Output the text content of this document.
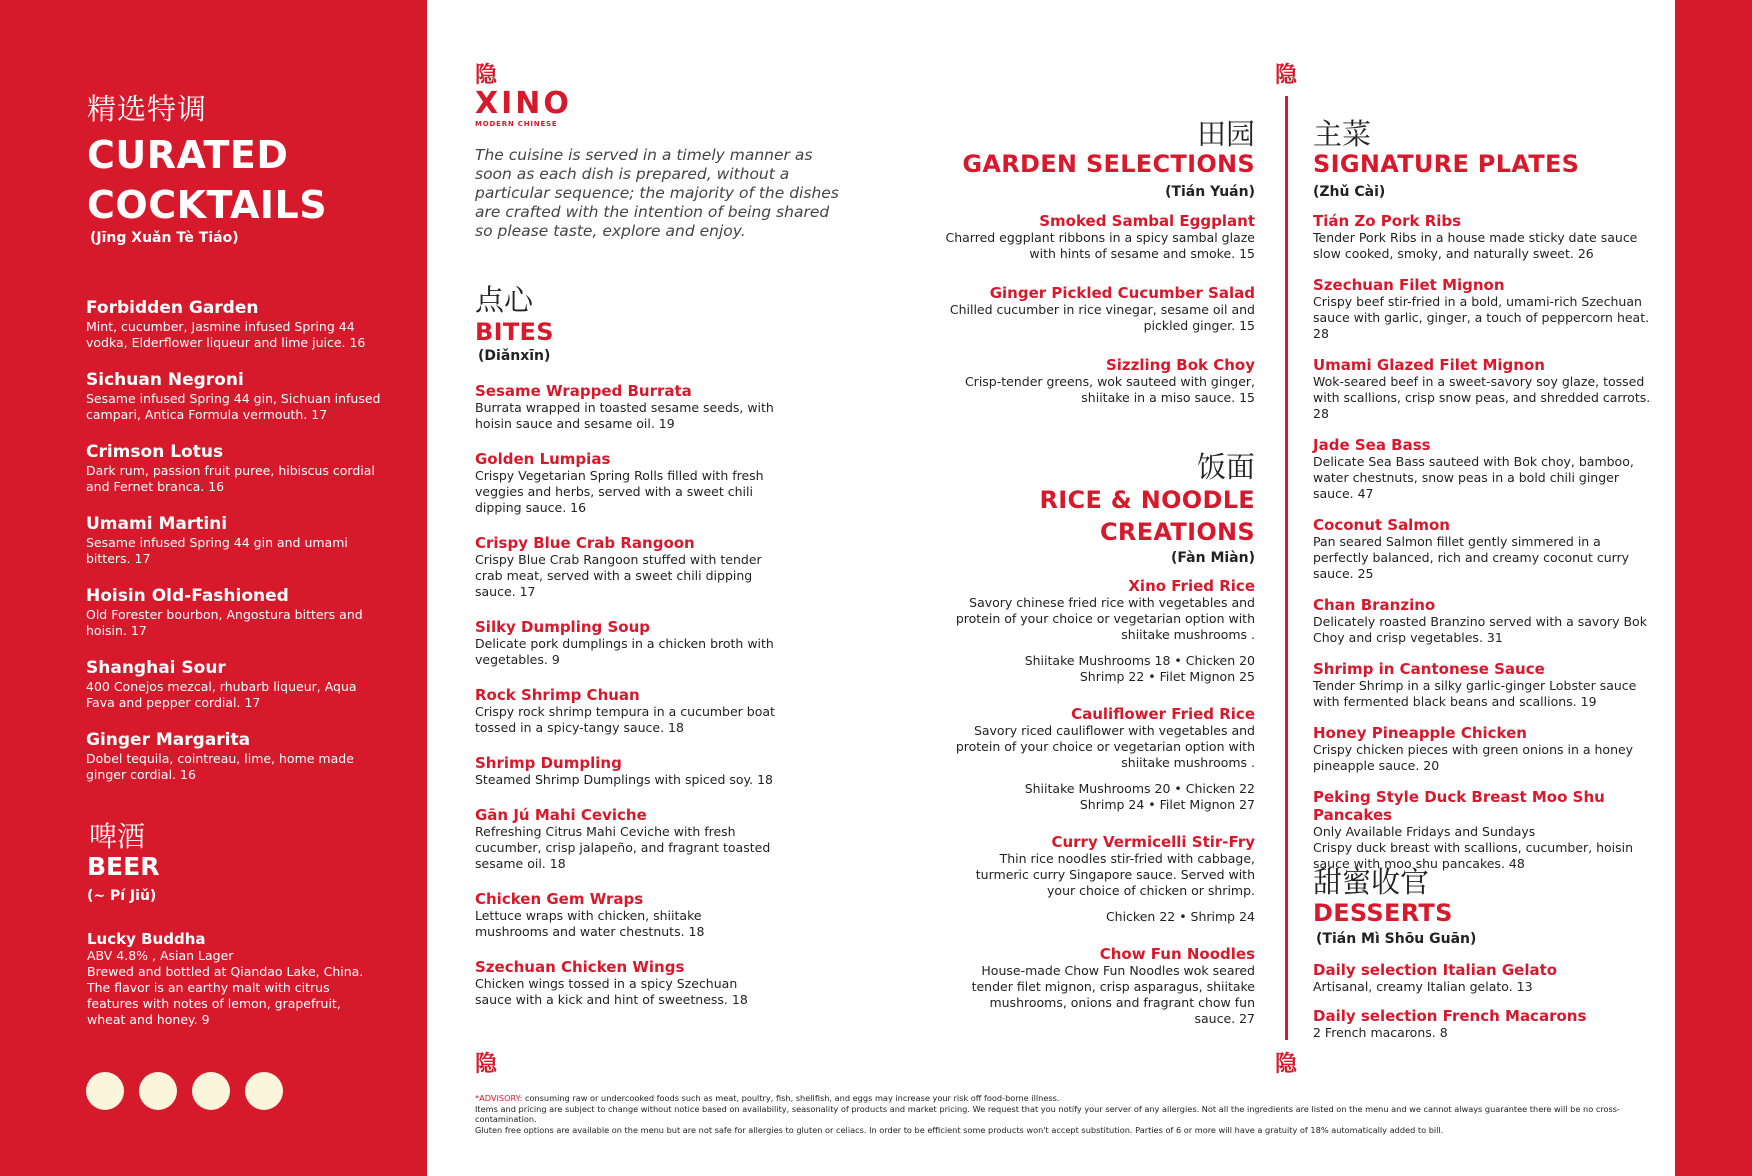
精选特调
CURATED
COCKTAILS
(Jīng Xuǎn Tè Tiáo)
Forbidden Garden
Mint, cucumber, Jasmine infused Spring 44 vodka, Elderflower liqueur and lime juice. 16
Sichuan Negroni
Sesame infused Spring 44 gin, Sichuan infused campari, Antica Formula vermouth. 17
Crimson Lotus
Dark rum, passion fruit puree, hibiscus cordial and Fernet branca. 16
Umami Martini
Sesame infused Spring 44 gin and umami bitters. 17
Hoisin Old-Fashioned
Old Forester bourbon, Angostura bitters and hoisin. 17
Shanghai Sour
400 Conejos mezcal, rhubarb liqueur, Aqua Fava and pepper cordial. 17
Ginger Margarita
Dobel tequila, cointreau, lime, home made ginger cordial. 16
啤酒
BEER
(~ Pí Jiǔ)
Lucky Buddha
ABV 4.8% , Asian Lager
Brewed and bottled at Qiandao Lake, China.
The flavor is an earthy malt with citrus features with notes of lemon, grapefruit, wheat and honey. 9
隐	隐
隐	隐
XINO
MODERN CHINESE
The cuisine is served in a timely manner as soon as each dish is prepared, without a particular sequence; the majority of the dishes are crafted with the intention of being shared so please taste, explore and enjoy.
点心
BITES
(Diǎnxīn)
Sesame Wrapped Burrata
Burrata wrapped in toasted sesame seeds, with hoisin sauce and sesame oil. 19
Golden Lumpias
Crispy Vegetarian Spring Rolls filled with fresh veggies and herbs, served with a sweet chili dipping sauce. 16
Crispy Blue Crab Rangoon
Crispy Blue Crab Rangoon stuffed with tender crab meat, served with a sweet chili dipping sauce. 17
Silky Dumpling Soup
Delicate pork dumplings in a chicken broth with vegetables. 9
Rock Shrimp Chuan
Crispy rock shrimp tempura in a cucumber boat tossed in a spicy-tangy sauce. 18
Shrimp Dumpling
Steamed Shrimp Dumplings with spiced soy. 18
Gān Jú Mahi Ceviche
Refreshing Citrus Mahi Ceviche with fresh cucumber, crisp jalapeño, and fragrant toasted sesame oil. 18
Chicken Gem Wraps
Lettuce wraps with chicken, shiitake mushrooms and water chestnuts. 18
Szechuan Chicken Wings
Chicken wings tossed in a spicy Szechuan sauce with a kick and hint of sweetness. 18
田园
GARDEN SELECTIONS
(Tián Yuán)
Smoked Sambal Eggplant
Charred eggplant ribbons in a spicy sambal glaze with hints of sesame and smoke. 15
Ginger Pickled Cucumber Salad
Chilled cucumber in rice vinegar, sesame oil and pickled ginger. 15
Sizzling Bok Choy
Crisp-tender greens, wok sauteed with ginger, shiitake in a miso sauce. 15
饭面
RICE & NOODLE
CREATIONS
(Fàn Miàn)
Xino Fried Rice
Savory chinese fried rice with vegetables and protein of your choice or vegetarian option with shiitake mushrooms .
Shiitake Mushrooms 18 • Chicken 20
Shrimp 22 • Filet Mignon 25
Cauliflower Fried Rice
Savory riced cauliflower with vegetables and protein of your choice or vegetarian option with shiitake mushrooms .
Shiitake Mushrooms 20 • Chicken 22
Shrimp 24 • Filet Mignon 27
Curry Vermicelli Stir-Fry
Thin rice noodles stir-fried with cabbage, turmeric curry Singapore sauce. Served with your choice of chicken or shrimp.
Chicken 22 • Shrimp 24
Chow Fun Noodles
House-made Chow Fun Noodles wok seared tender filet mignon, crisp asparagus, shiitake mushrooms, onions and fragrant chow fun sauce. 27
主菜
SIGNATURE PLATES
(Zhǔ Cài)
Tián Zo Pork Ribs
Tender Pork Ribs in a house made sticky date sauce slow cooked, smoky, and naturally sweet. 26
Szechuan Filet Mignon
Crispy beef stir-fried in a bold, umami-rich Szechuan sauce with garlic, ginger, a touch of peppercorn heat. 28
Umami Glazed Filet Mignon
Wok-seared beef in a sweet-savory soy glaze, tossed with scallions, crisp snow peas, and shredded carrots. 28
Jade Sea Bass
Delicate Sea Bass sauteed with Bok choy, bamboo, water chestnuts, snow peas in a bold chili ginger sauce. 47
Coconut Salmon
Pan seared Salmon fillet gently simmered in a perfectly balanced, rich and creamy coconut curry sauce. 25
Chan Branzino
Delicately roasted Branzino served with a savory Bok Choy and crisp vegetables. 31
Shrimp in Cantonese Sauce
Tender Shrimp in a silky garlic-ginger Lobster sauce with fermented black beans and scallions. 19
Honey Pineapple Chicken
Crispy chicken pieces with green onions in a honey pineapple sauce. 20
Peking Style Duck Breast Moo Shu Pancakes
Only Available Fridays and Sundays
Crispy duck breast with scallions, cucumber, hoisin sauce with moo shu pancakes. 48
甜蜜收官
DESSERTS
(Tián Mì Shōu Guān)
Daily selection Italian Gelato
Artisanal, creamy Italian gelato. 13
Daily selection French Macarons
2 French macarons. 8
*ADVISORY: consuming raw or undercooked foods such as meat, poultry, fish, shellfish, and eggs may increase your risk off food-borne illness.
Items and pricing are subject to change without notice based on availability, seasonality of products and market pricing. We request that you notify your server of any allergies. Not all the ingredients are listed on the menu and we cannot always guarantee there will be no cross-contamination.
Gluten free options are available on the menu but are not safe for allergies to gluten or celiacs. In order to be efficient some products won't accept substitution. Parties of 6 or more will have a gratuity of 18% automatically added to bill.
